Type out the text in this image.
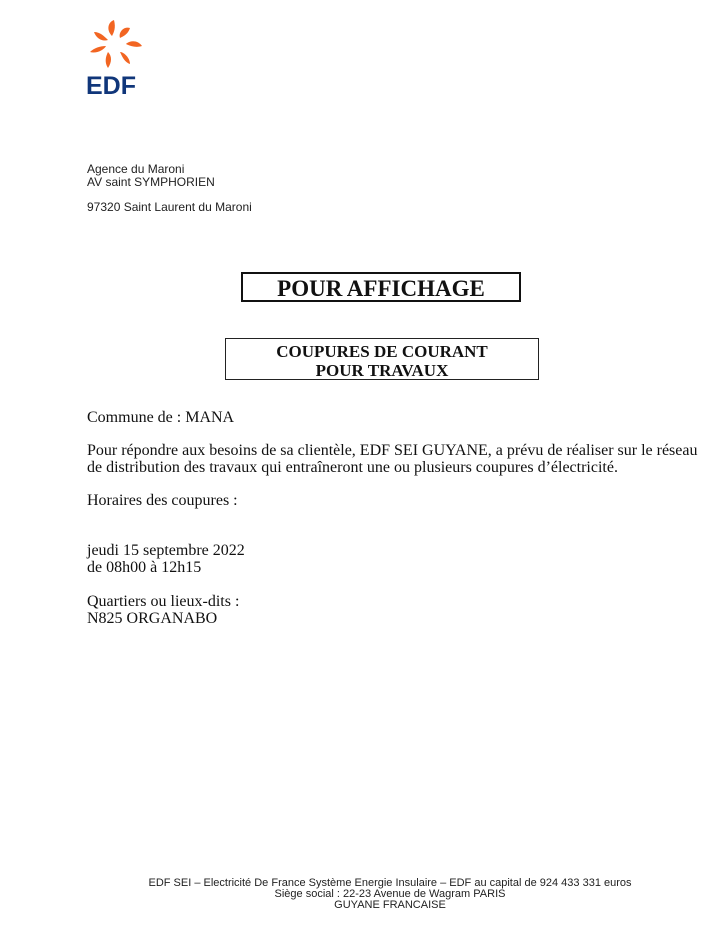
EDF
Agence du Maroni
AV saint SYMPHORIEN
97320 Saint Laurent du Maroni
POUR AFFICHAGE
COUPURES DE COURANT
POUR TRAVAUX
Commune de : MANA
Pour répondre aux besoins de sa clientèle, EDF SEI GUYANE, a prévu de réaliser sur le réseau
de distribution des travaux qui entraîneront une ou plusieurs coupures d’électricité.
Horaires des coupures :
jeudi 15 septembre 2022
de 08h00 à 12h15
Quartiers ou lieux-dits :
N825 ORGANABO
EDF SEI – Electricité De France Système Energie Insulaire – EDF au capital de 924 433 331 euros
Siège social : 22-23 Avenue de Wagram PARIS
GUYANE FRANCAISE
